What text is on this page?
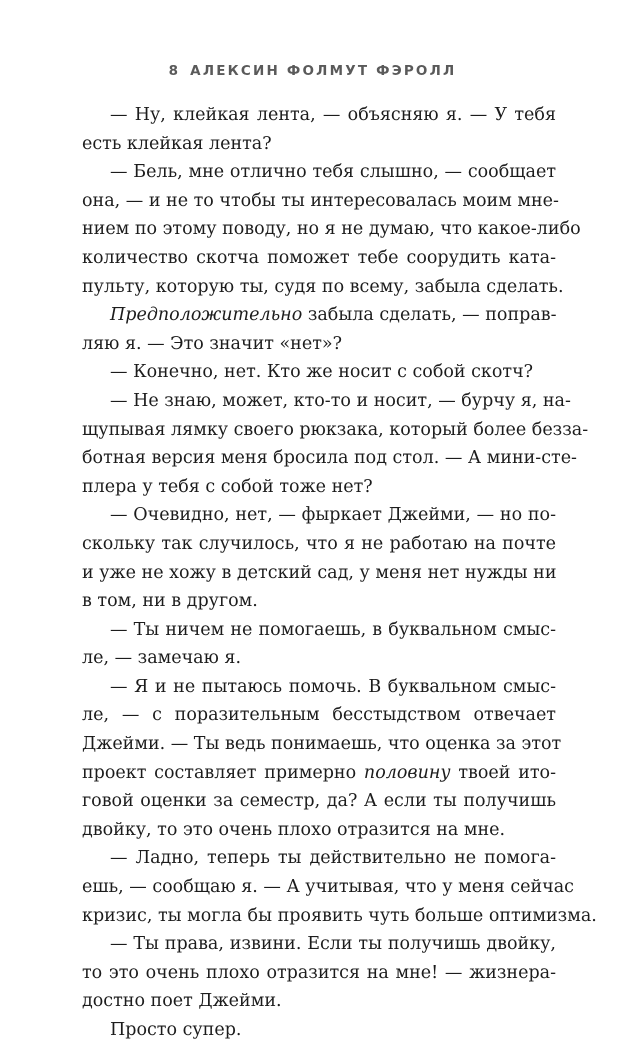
8 АЛЕКСИН ФОЛМУТ ФЭРОЛЛ
— Ну, клейкая лента, — объясняю я. — У тебя
есть клейкая лента?
— Бель, мне отлично тебя слышно, — сообщает
она, — и не то чтобы ты интересовалась моим мне-
нием по этому поводу, но я не думаю, что какое-либо
количество скотча поможет тебе соорудить ката-
пульту, которую ты, судя по всему, забыла сделать.
Предположительно забыла сделать, — поправ-
ляю я. — Это значит «нет»?
— Конечно, нет. Кто же носит с собой скотч?
— Не знаю, может, кто-то и носит, — бурчу я, на-
щупывая лямку своего рюкзака, который более безза-
ботная версия меня бросила под стол. — А мини-сте-
плера у тебя с собой тоже нет?
— Очевидно, нет, — фыркает Джейми, — но по-
скольку так случилось, что я не работаю на почте
и уже не хожу в детский сад, у меня нет нужды ни
в том, ни в другом.
— Ты ничем не помогаешь, в буквальном смыс-
ле, — замечаю я.
— Я и не пытаюсь помочь. В буквальном смыс-
ле, — с поразительным бесстыдством отвечает
Джейми. — Ты ведь понимаешь, что оценка за этот
проект составляет примерно половину твоей ито-
говой оценки за семестр, да? А если ты получишь
двойку, то это очень плохо отразится на мне.
— Ладно, теперь ты действительно не помога-
ешь, — сообщаю я. — А учитывая, что у меня сейчас
кризис, ты могла бы проявить чуть больше оптимизма.
— Ты права, извини. Если ты получишь двойку,
то это очень плохо отразится на мне! — жизнера-
достно поет Джейми.
Просто супер.
